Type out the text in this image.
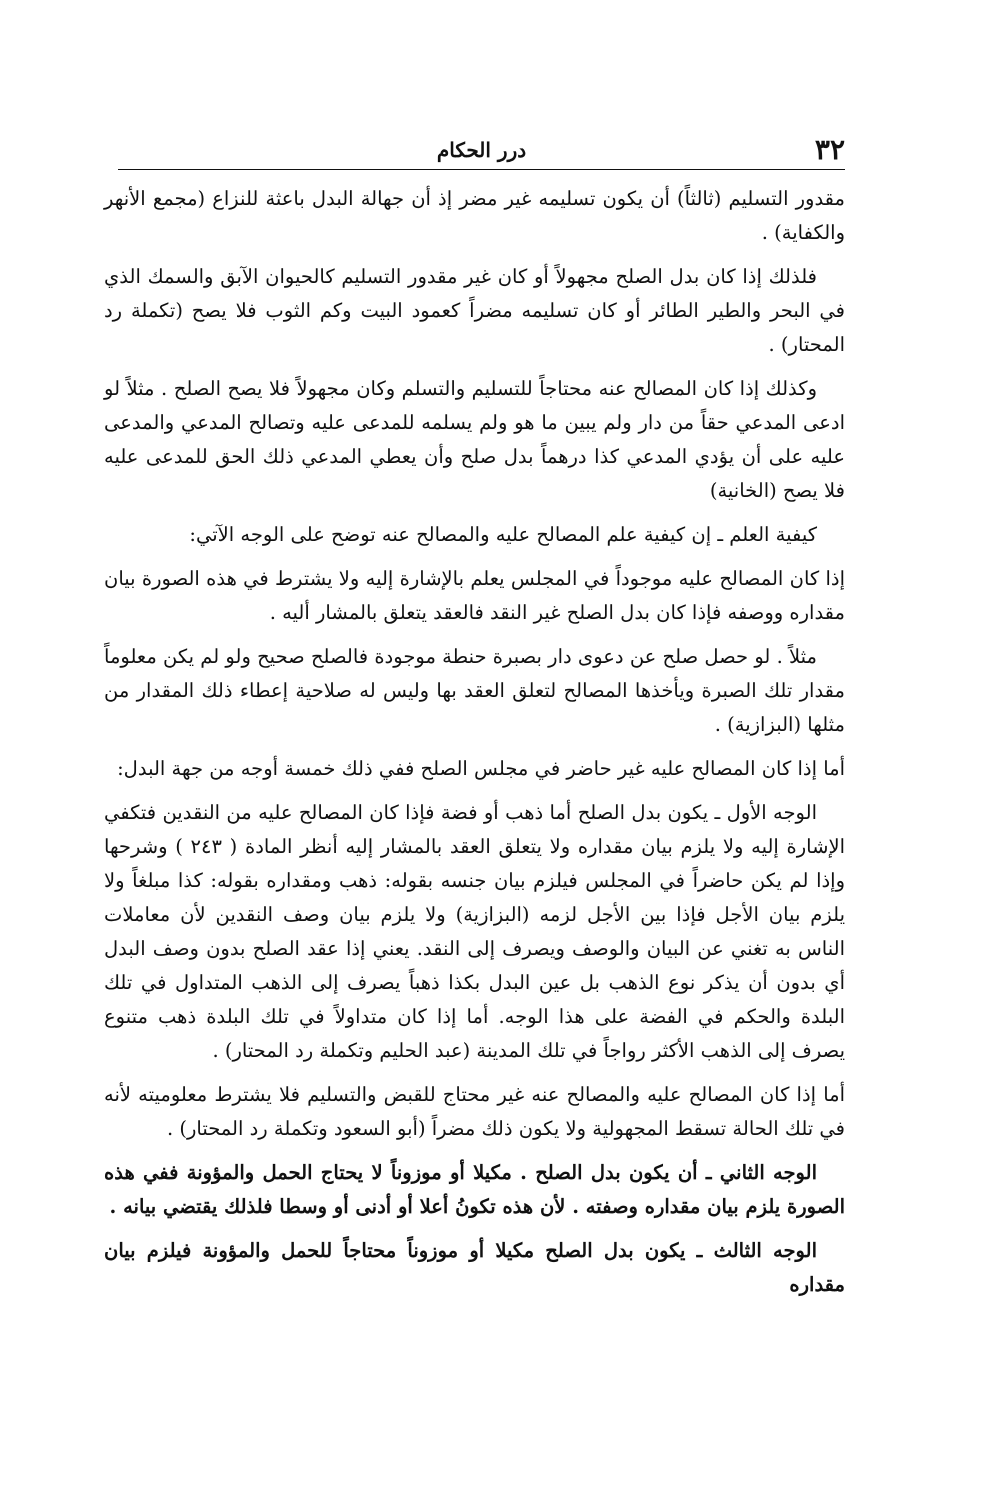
٣٢
درر الحكام

مقدور التسليم (ثالثاً) أن يكون تسليمه غير مضر إذ أن جهالة البدل باعثة للنزاع (مجمع الأنهر والكفاية) .

فلذلك إذا كان بدل الصلح مجهولاً أو كان غير مقدور التسليم كالحيوان الآبق والسمك الذي في البحر والطير الطائر أو كان تسليمه مضراً كعمود البيت وكم الثوب فلا يصح (تكملة رد المحتار) .

وكذلك إذا كان المصالح عنه محتاجاً للتسليم والتسلم وكان مجهولاً فلا يصح الصلح . مثلاً لو ادعى المدعي حقاً من دار ولم يبين ما هو ولم يسلمه للمدعى عليه وتصالح المدعي والمدعى عليه على أن يؤدي المدعي كذا درهماً بدل صلح وأن يعطي المدعي ذلك الحق للمدعى عليه فلا يصح (الخانية)

كيفية العلم ـ إن كيفية علم المصالح عليه والمصالح عنه توضح على الوجه الآتي:

إذا كان المصالح عليه موجوداً في المجلس يعلم بالإشارة إليه ولا يشترط في هذه الصورة بيان مقداره ووصفه فإذا كان بدل الصلح غير النقد فالعقد يتعلق بالمشار أليه .

مثلاً . لو حصل صلح عن دعوى دار بصبرة حنطة موجودة فالصلح صحيح ولو لم يكن معلوماً مقدار تلك الصبرة ويأخذها المصالح لتعلق العقد بها وليس له صلاحية إعطاء ذلك المقدار من مثلها (البزازية) .

أما إذا كان المصالح عليه غير حاضر في مجلس الصلح ففي ذلك خمسة أوجه من جهة البدل:

الوجه الأول ـ يكون بدل الصلح أما ذهب أو فضة فإذا كان المصالح عليه من النقدين فتكفي الإشارة إليه ولا يلزم بيان مقداره ولا يتعلق العقد بالمشار إليه أنظر المادة ( ٢٤٣ ) وشرحها وإذا لم يكن حاضراً في المجلس فيلزم بيان جنسه بقوله: ذهب ومقداره بقوله: كذا مبلغاً ولا يلزم بيان الأجل فإذا بين الأجل لزمه (البزازية) ولا يلزم بيان وصف النقدين لأن معاملات الناس به تغني عن البيان والوصف ويصرف إلى النقد. يعني إذا عقد الصلح بدون وصف البدل أي بدون أن يذكر نوع الذهب بل عين البدل بكذا ذهباً يصرف إلى الذهب المتداول في تلك البلدة والحكم في الفضة على هذا الوجه. أما إذا كان متداولاً في تلك البلدة ذهب متنوع يصرف إلى الذهب الأكثر رواجاً في تلك المدينة (عبد الحليم وتكملة رد المحتار) .

أما إذا كان المصالح عليه والمصالح عنه غير محتاج للقبض والتسليم فلا يشترط معلوميته لأنه في تلك الحالة تسقط المجهولية ولا يكون ذلك مضراً (أبو السعود وتكملة رد المحتار) .

الوجه الثاني ـ أن يكون بدل الصلح . مكيلا أو موزوناً لا يحتاج الحمل والمؤونة ففي هذه الصورة يلزم بيان مقداره وصفته . لأن هذه تكونُ أعلا أو أدنى أو وسطا فلذلك يقتضي بيانه .

الوجه الثالث ـ يكون بدل الصلح مكيلا أو موزوناً محتاجاً للحمل والمؤونة فيلزم بيان مقداره
